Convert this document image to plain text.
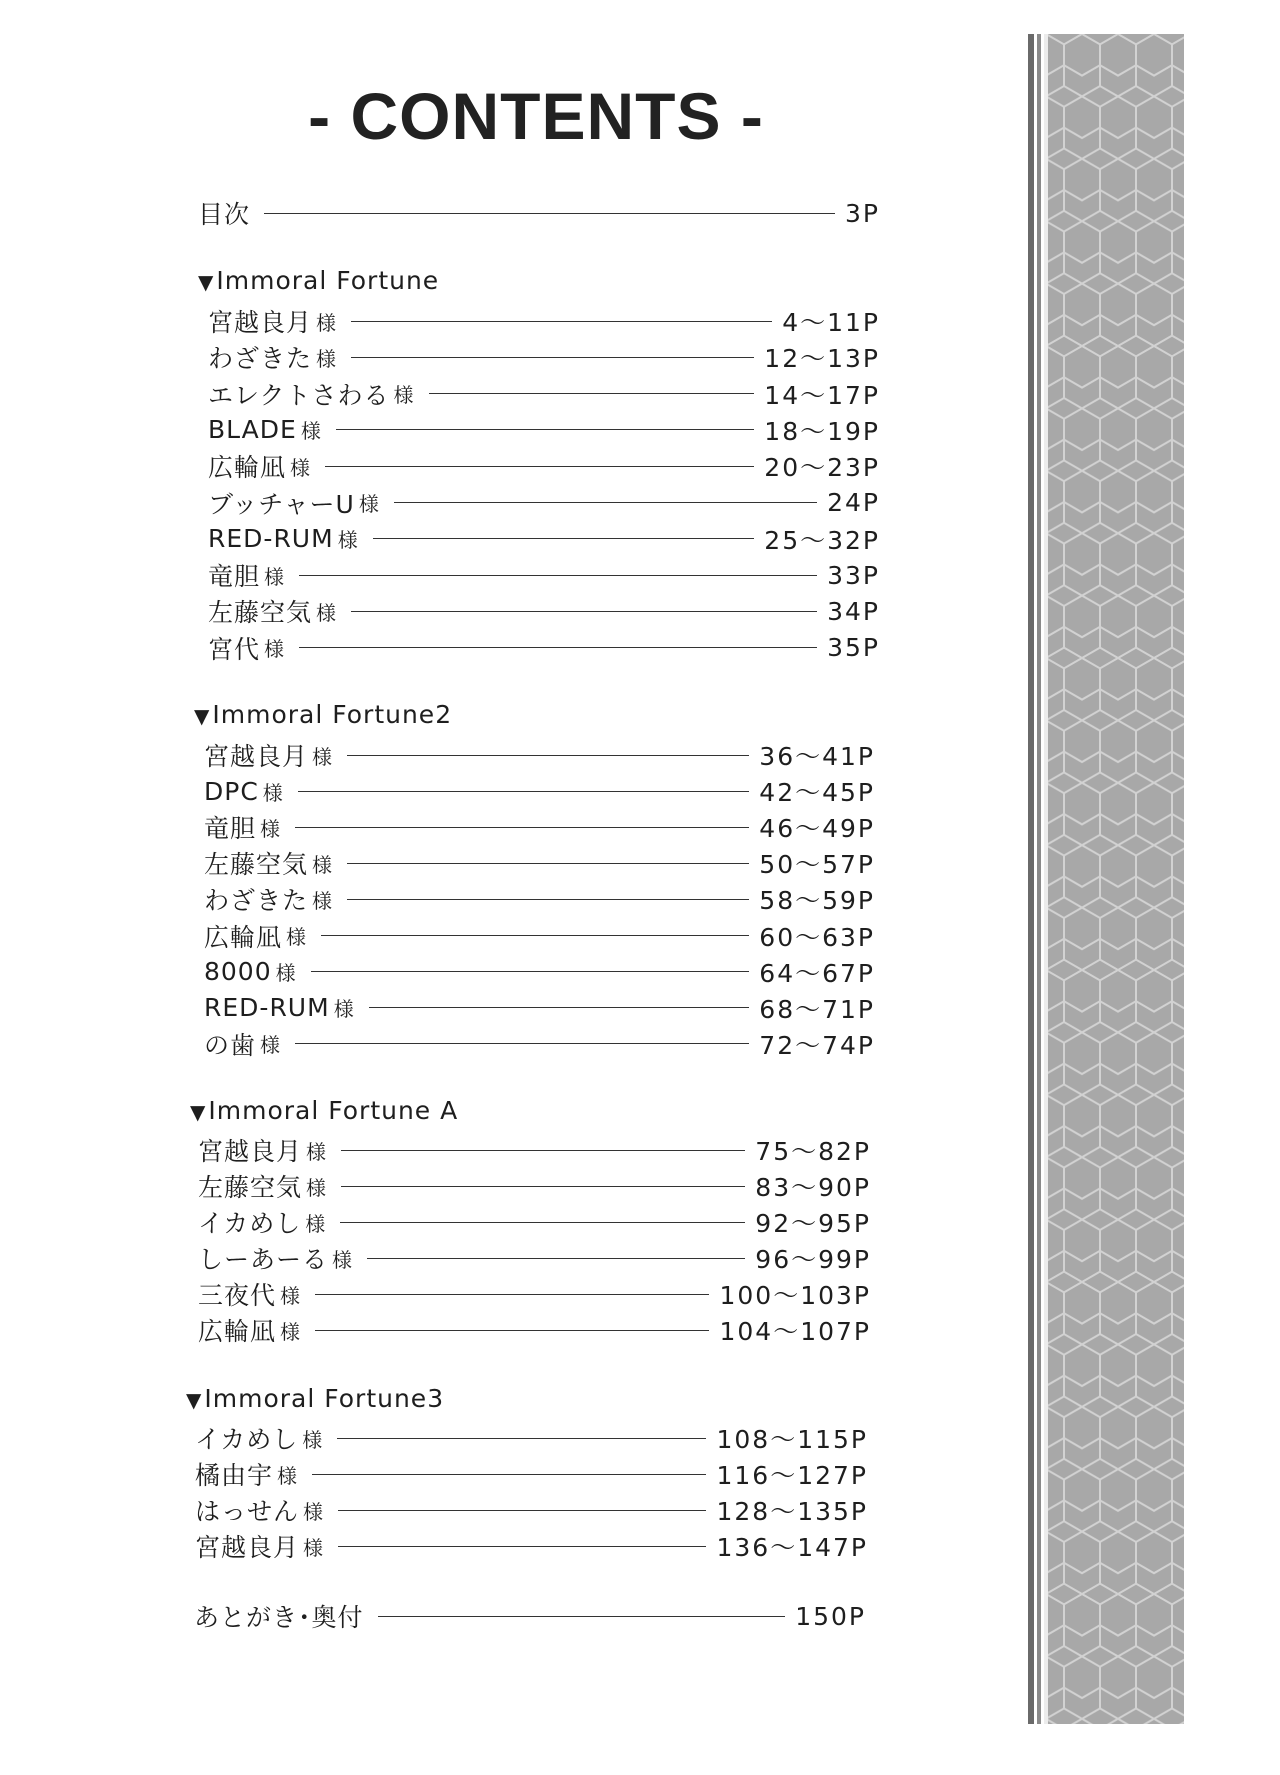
- CONTENTS -
目次	3P
▼Immoral Fortune
宮越良月 様	4～11P
わざきた 様	12～13P
エレクトさわる 様	14～17P
BLADE 様	18～19P
広輪凪 様	20～23P
ブッチャーU 様	24P
RED-RUM 様	25～32P
竜胆 様	33P
左藤空気 様	34P
宮代 様	35P
▼Immoral Fortune2
宮越良月 様	36～41P
DPC 様	42～45P
竜胆 様	46～49P
左藤空気 様	50～57P
わざきた 様	58～59P
広輪凪 様	60～63P
8000 様	64～67P
RED-RUM 様	68～71P
の歯 様	72～74P
▼Immoral Fortune A
宮越良月 様	75～82P
左藤空気 様	83～90P
イカめし 様	92～95P
しーあーる 様	96～99P
三夜代 様	100～103P
広輪凪 様	104～107P
▼Immoral Fortune3
イカめし 様	108～115P
橘由宇 様	116～127P
はっせん 様	128～135P
宮越良月 様	136～147P
あとがき･奥付	150P
